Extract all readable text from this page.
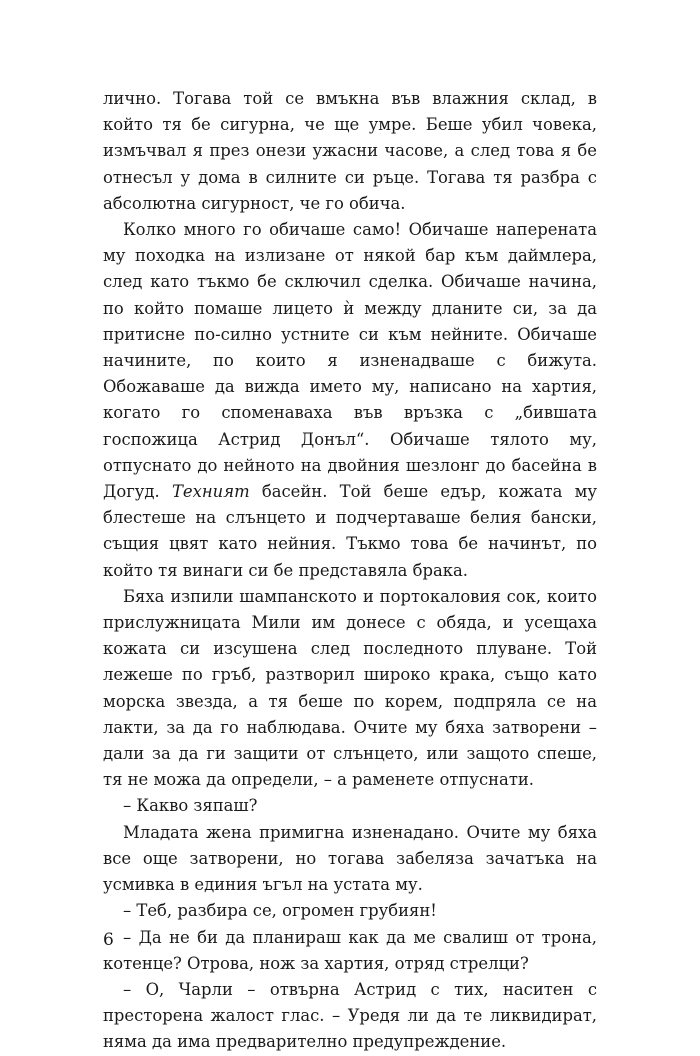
лично. Тогава той се вмъкна във влажния склад, в който тя бе сигурна, че ще умре. Беше убил човека, измъчвал я през онези ужасни часове, а след това я бе отнесъл у дома в силните си ръце. Тогава тя разбра с абсолютна сигурност, че го обича.

Колко много го обичаше само! Обичаше наперената му походка на излизане от някой бар към даймлера, след като тъкмо бе сключил сделка. Обичаше начина, по който помаше лицето ѝ между дланите си, за да притисне по-силно устните си към нейните. Обичаше начините, по които я изненадваше с бижута. Обожаваше да вижда името му, написано на хартия, когато го споменаваха във връзка с „бившата госпожица Астрид Донъл“. Обичаше тялото му, отпуснато до нейното на двойния шезлонг до басейна в Догуд. Техният басейн. Той беше едър, кожата му блестеше на слънцето и подчертаваше белия бански, същия цвят като нейния. Тъкмо това бе начинът, по който тя винаги си бе представяла брака.

Бяха изпили шампанското и портокаловия сок, които прислужницата Мили им донесе с обяда, и усещаха кожата си изсушена след последното плуване. Той лежеше по гръб, разтворил широко крака, също като морска звезда, а тя беше по корем, подпряла се на лакти, за да го наблюдава. Очите му бяха затворени – дали за да ги защити от слънцето, или защото спеше, тя не можа да определи, – а раменете отпуснати.

– Какво зяпаш?

Младата жена примигна изненадано. Очите му бяха все още затворени, но тогава забеляза зачатъка на усмивка в единия ъгъл на устата му.

– Теб, разбира се, огромен грубиян!

– Да не би да планираш как да ме свалиш от трона, котенце? Отрова, нож за хартия, отряд стрелци?

– О, Чарли – отвърна Астрид с тих, наситен с престорена жалост глас. – Уредя ли да те ликвидират, няма да има предварително предупреждение.

6
